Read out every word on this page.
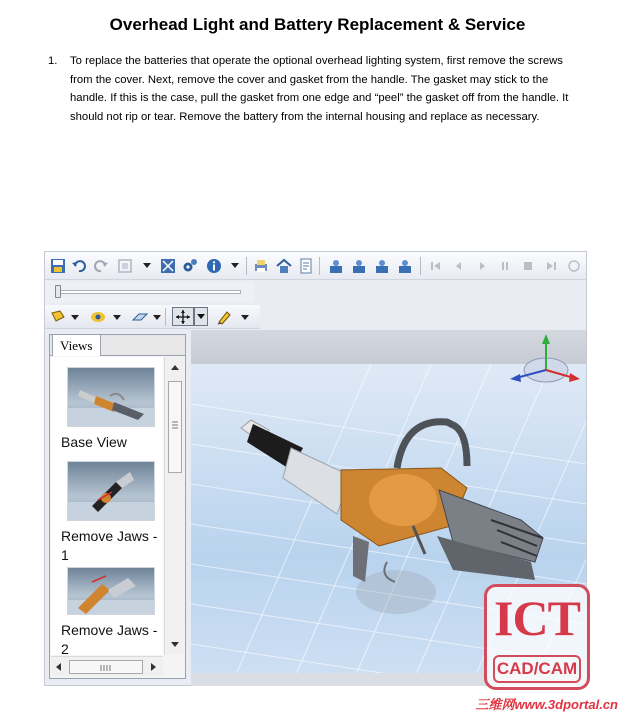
Overhead Light and Battery Replacement & Service
1. To replace the batteries that operate the optional overhead lighting system, first remove the screws from the cover. Next, remove the cover and gasket from the handle. The gasket may stick to the handle. If this is the case, pull the gasket from one edge and “peel” the gasket off from the handle. It should not rip or tear. Remove the battery from the internal housing and replace as necessary.
Views
Base View
Remove Jaws - 1
Remove Jaws - 2
ICT
CAD/CAM
三维网www.3dportal.cn
